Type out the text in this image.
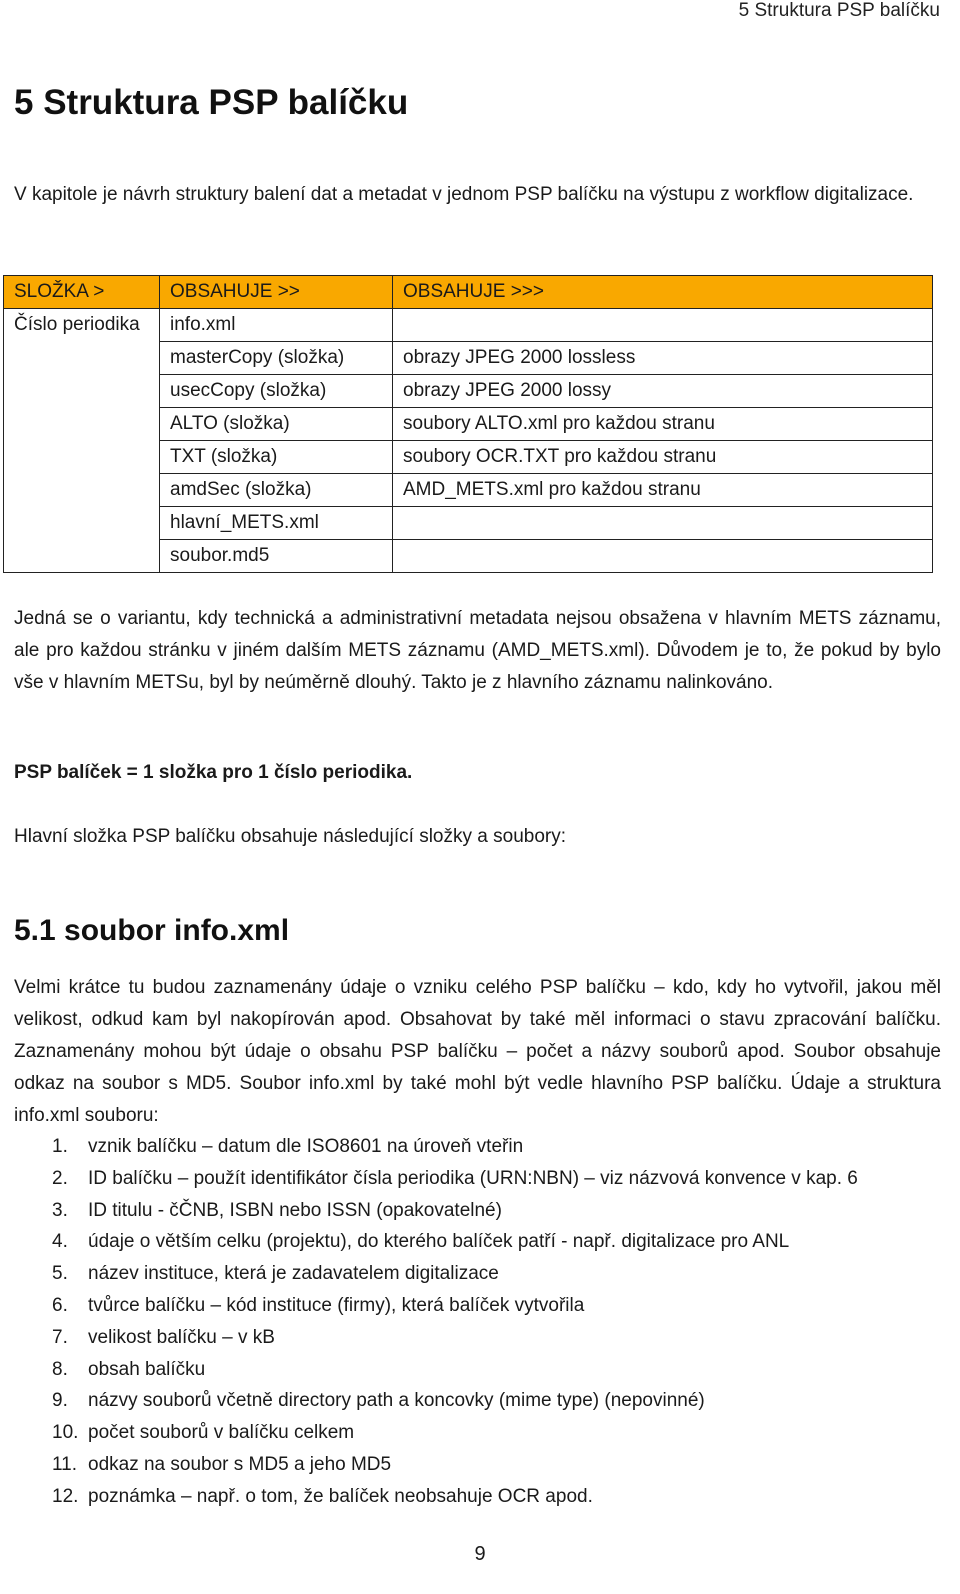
5 Struktura PSP balíčku
5 Struktura PSP balíčku

V kapitole je návrh struktury balení dat a metadat v jednom PSP balíčku na výstupu z workflow digitalizace.

SLOŽKA >	OBSAHUJE >>	OBSAHUJE >>>
Číslo periodika	info.xml	
	masterCopy (složka)	obrazy JPEG 2000 lossless
	usecCopy (složka)	obrazy JPEG 2000 lossy
	ALTO (složka)	soubory ALTO.xml pro každou stranu
	TXT (složka)	soubory OCR.TXT pro každou stranu
	amdSec (složka)	AMD_METS.xml pro každou stranu
	hlavní_METS.xml	
	soubor.md5	

Jedná se o variantu, kdy technická a administrativní metadata nejsou obsažena v hlavním METS záznamu, ale pro každou stránku v jiném dalším METS záznamu (AMD_METS.xml). Důvodem je to, že pokud by bylo vše v hlavním METSu, byl by neúměrně dlouhý. Takto je z hlavního záznamu nalinkováno.

PSP balíček = 1 složka pro 1 číslo periodika.

Hlavní složka PSP balíčku obsahuje následující složky a soubory:

5.1 soubor info.xml

Velmi krátce tu budou zaznamenány údaje o vzniku celého PSP balíčku – kdo, kdy ho vytvořil, jakou měl velikost, odkud kam byl nakopírován apod. Obsahovat by také měl informaci o stavu zpracování balíčku. Zaznamenány mohou být údaje o obsahu PSP balíčku – počet a názvy souborů apod. Soubor obsahuje odkaz na soubor s MD5. Soubor info.xml by také mohl být vedle hlavního PSP balíčku. Údaje a struktura info.xml souboru:

1. vznik balíčku – datum dle ISO8601 na úroveň vteřin
2. ID balíčku – použít identifikátor čísla periodika (URN:NBN) – viz názvová konvence v kap. 6
3. ID titulu - čČNB, ISBN nebo ISSN (opakovatelné)
4. údaje o větším celku (projektu), do kterého balíček patří - např. digitalizace pro ANL
5. název instituce, která je zadavatelem digitalizace
6. tvůrce balíčku – kód instituce (firmy), která balíček vytvořila
7. velikost balíčku – v kB
8. obsah balíčku
9. názvy souborů včetně directory path a koncovky (mime type) (nepovinné)
10. počet souborů v balíčku celkem
11. odkaz na soubor s MD5 a jeho MD5
12. poznámka – např. o tom, že balíček neobsahuje OCR apod.
9
